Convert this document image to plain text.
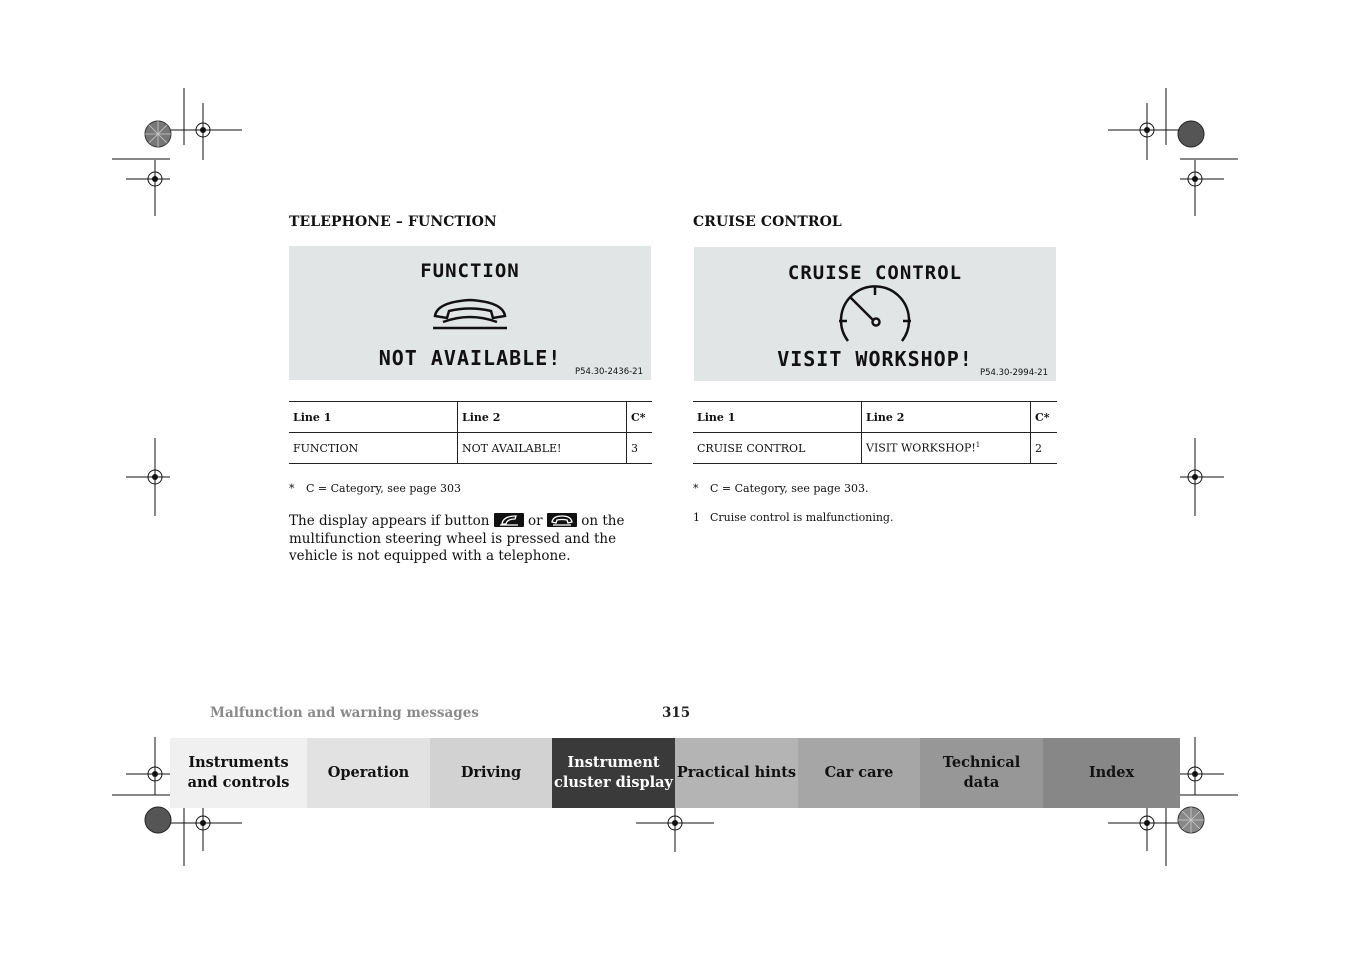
TELEPHONE – FUNCTION
FUNCTION
NOT AVAILABLE!
P54.30-2436-21
Line 1	Line 2	C*
FUNCTION	NOT AVAILABLE!	3
* C = Category, see page 303
The display appears if button	or	on the multifunction steering wheel is pressed and the vehicle is not equipped with a telephone.
CRUISE CONTROL
CRUISE CONTROL
VISIT WORKSHOP!
P54.30-2994-21
Line 1	Line 2	C*
CRUISE CONTROL	VISIT WORKSHOP!$^1$	2
* C = Category, see page 303.
1 Cruise control is malfunctioning.
Malfunction and warning messages	315
Instruments
and controls
Operation	Driving
Instrument
cluster display
Practical hints	Car care
Technical
data
Index
